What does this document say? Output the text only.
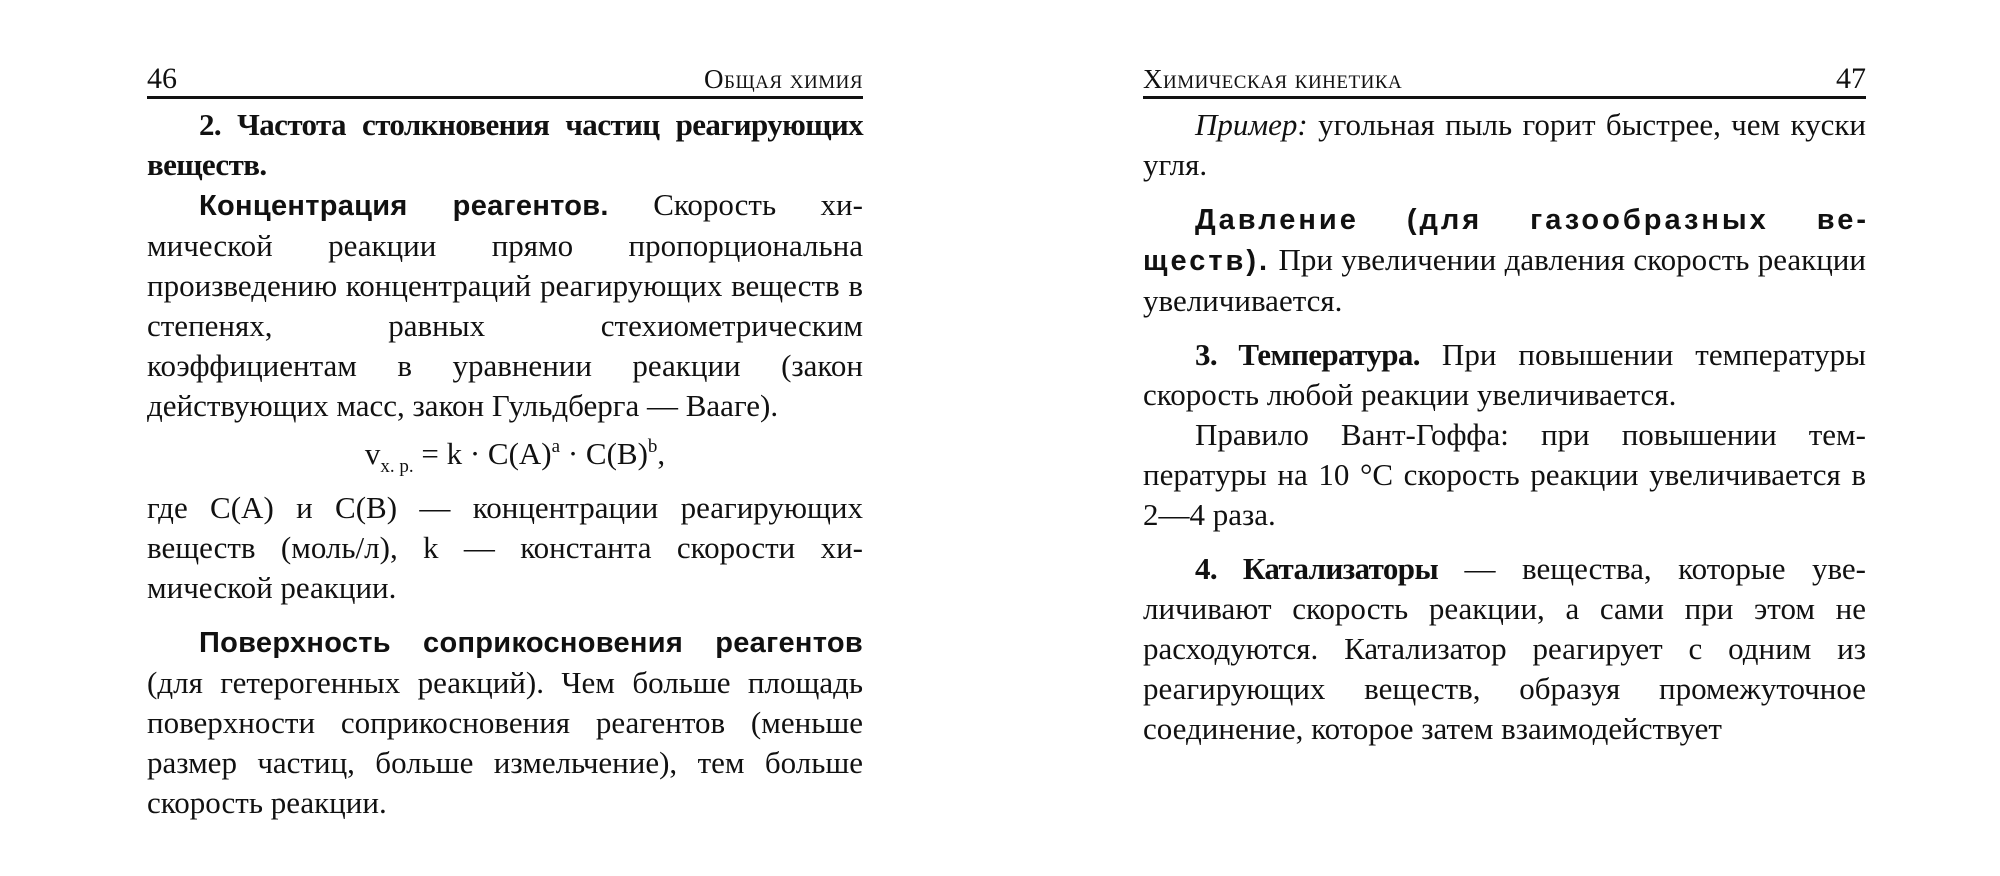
46	Общая химия

2. Частота столкновения частиц реагирующих веществ.

Концентрация реагентов. Скорость химической реакции прямо пропорциональна произведению концентраций реагирующих веществ в степенях, равных стехиометрическим коэффициентам в уравнении реакции (закон действующих масс, закон Гульдберга — Вааге).

$v_{х. р.} = k \cdot C(A)^a \cdot C(B)^b$,

где C(A) и C(B) — концентрации реагирующих веществ (моль/л), k — константа скорости химической реакции.

Поверхность соприкосновения реагентов (для гетерогенных реакций). Чем больше площадь поверхности соприкосновения реагентов (меньше размер частиц, больше измельчение), тем больше скорость реакции.

Химическая кинетика	47

Пример: угольная пыль горит быстрее, чем куски угля.

Давление (для газообразных веществ). При увеличении давления скорость реакции увеличивается.

3. Температура. При повышении температуры скорость любой реакции увеличивается.

Правило Вант-Гоффа: при повышении температуры на 10 °С скорость реакции увеличивается в 2—4 раза.

4. Катализаторы — вещества, которые увеличивают скорость реакции, а сами при этом не расходуются. Катализатор реагирует с одним из реагирующих веществ, образуя промежуточное соединение, которое затем взаимодействует
